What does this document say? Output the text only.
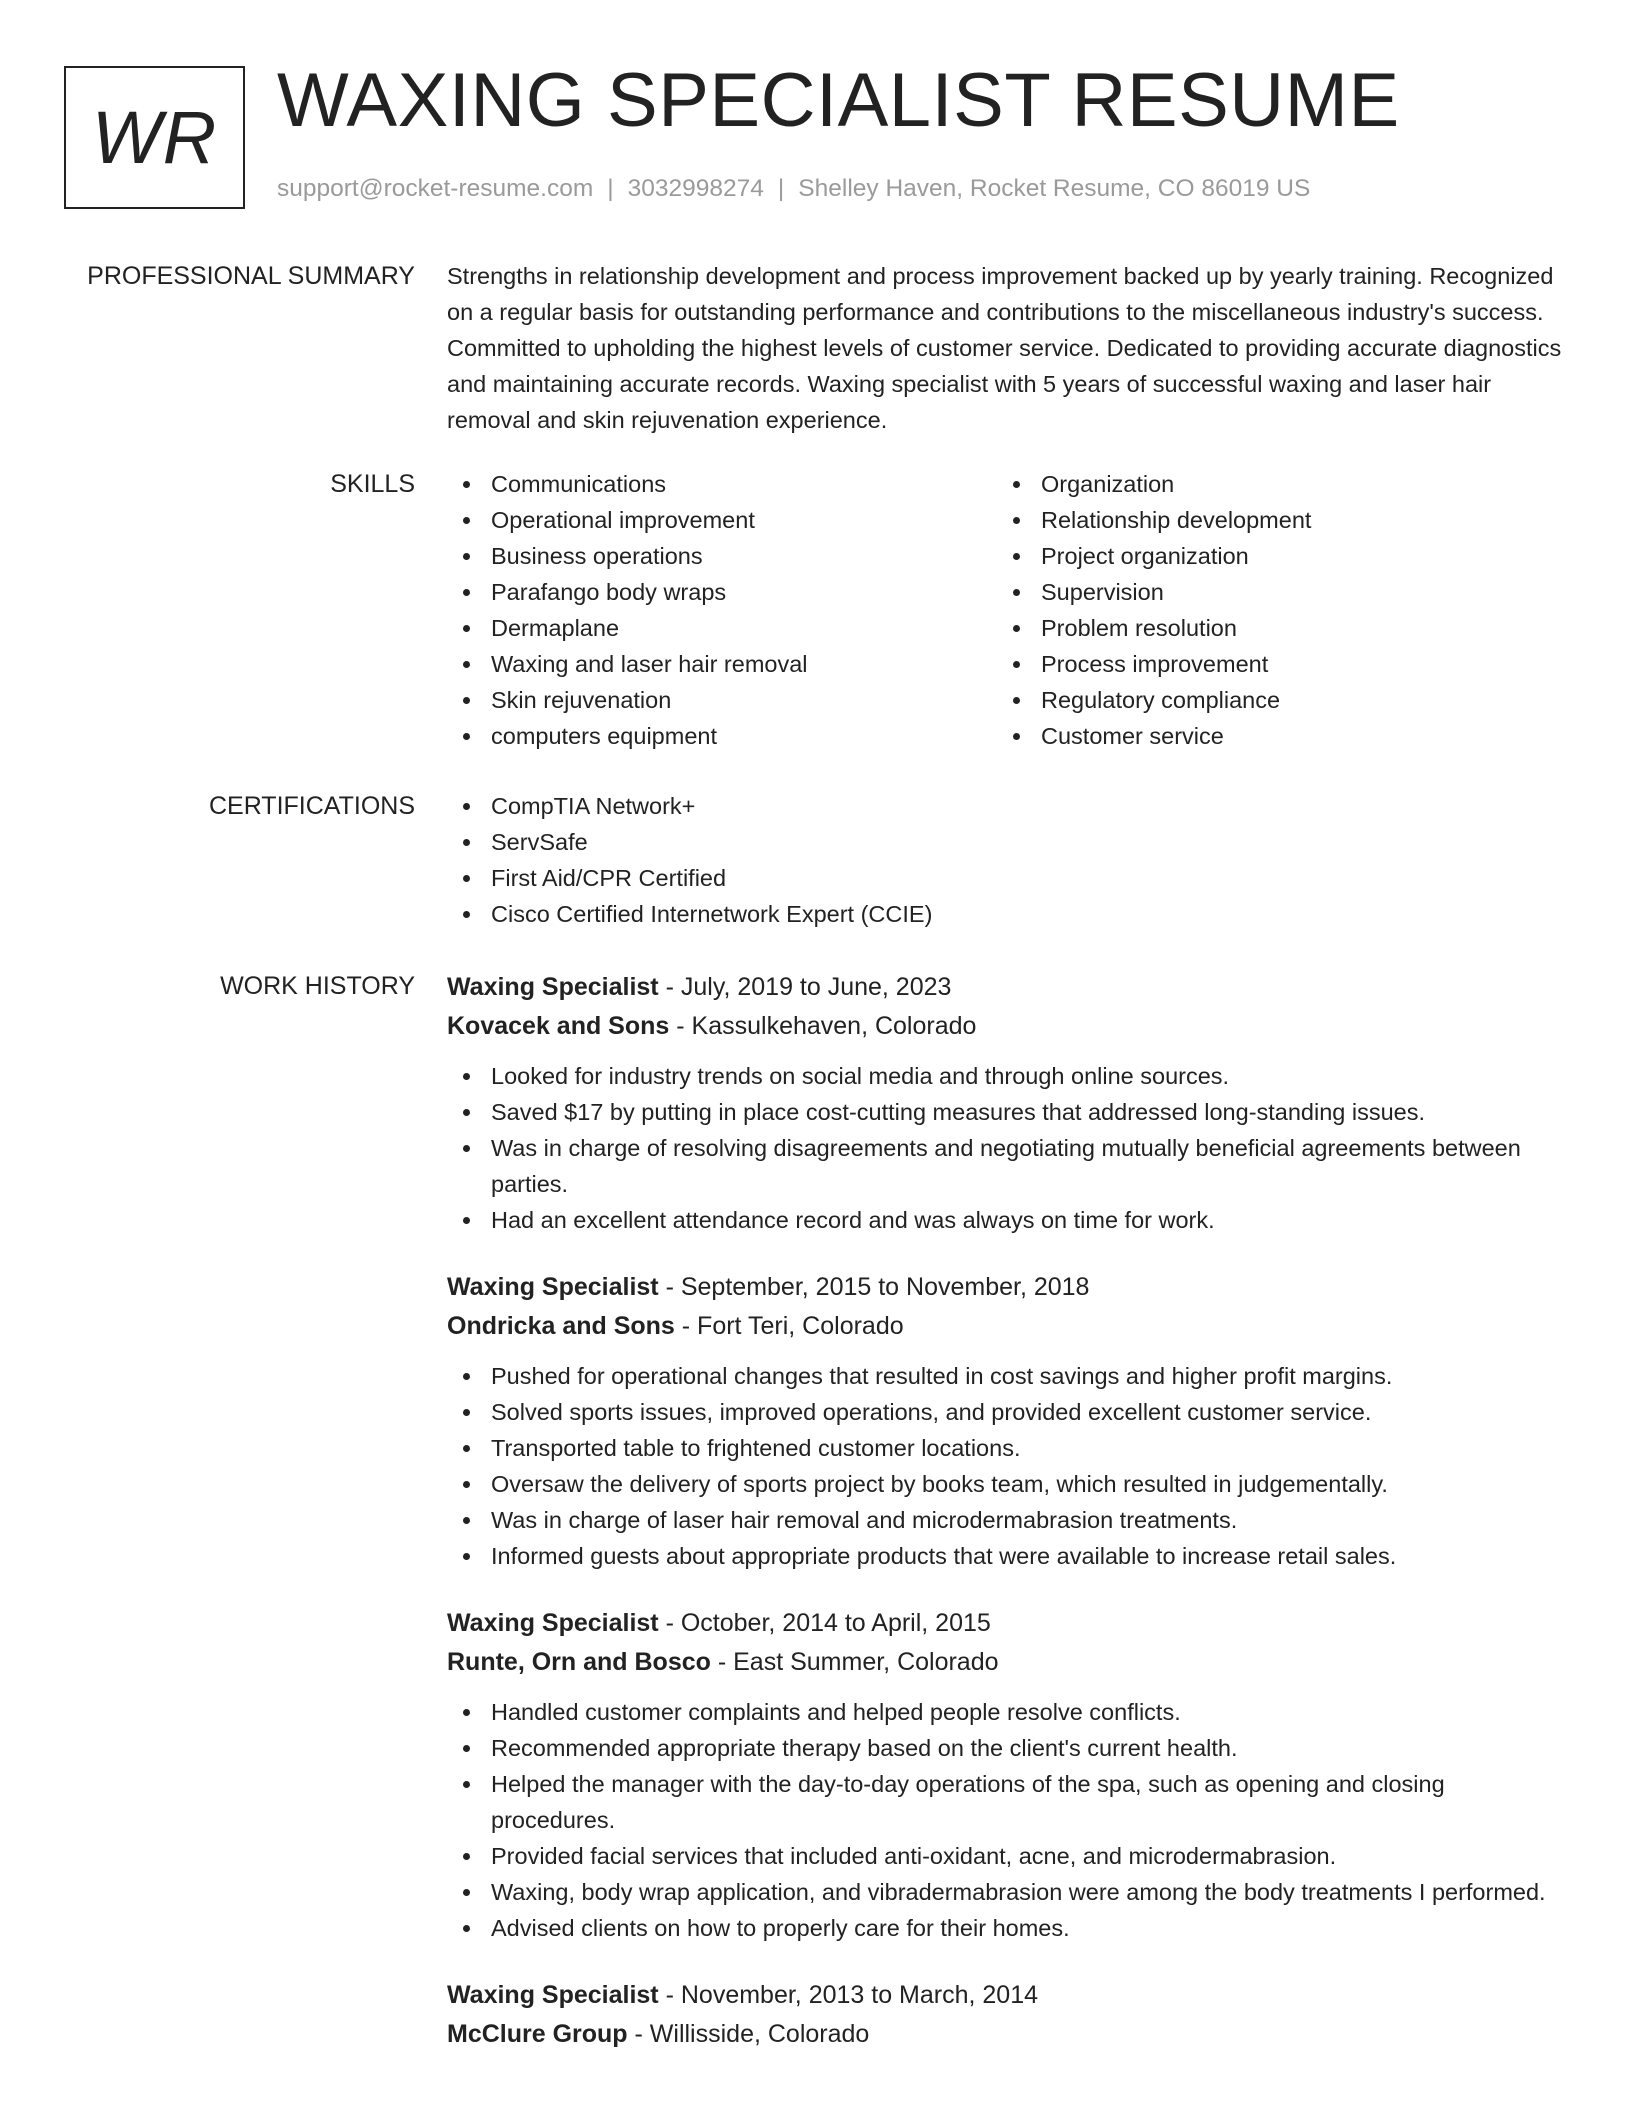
WR WAXING SPECIALIST RESUME
support@rocket-resume.com | 3032998274 | Shelley Haven, Rocket Resume, CO 86019 US
PROFESSIONAL SUMMARY Strengths in relationship development and process improvement backed up by yearly training. Recognized on a regular basis for outstanding performance and contributions to the miscellaneous industry's success. Committed to upholding the highest levels of customer service. Dedicated to providing accurate diagnostics and maintaining accurate records. Waxing specialist with 5 years of successful waxing and laser hair removal and skin rejuvenation experience.

SKILLS	Communications
Operational improvement
Business operations
Parafango body wraps
Dermaplane
Waxing and laser hair removal
Skin rejuvenation
computers equipment
Organization
Relationship development
Project organization
Supervision
Problem resolution
Process improvement
Regulatory compliance
Customer service
CERTIFICATIONS	CompTIA Network+
ServSafe
First Aid/CPR Certified
Cisco Certified Internetwork Expert (CCIE)
WORK HISTORY Waxing Specialist - July, 2019 to June, 2023
Kovacek and Sons - Kassulkehaven, Colorado
Looked for industry trends on social media and through online sources.
Saved $17 by putting in place cost-cutting measures that addressed long-standing issues.
Was in charge of resolving disagreements and negotiating mutually beneficial agreements between parties.
Had an excellent attendance record and was always on time for work.
Waxing Specialist - September, 2015 to November, 2018
Ondricka and Sons - Fort Teri, Colorado
Pushed for operational changes that resulted in cost savings and higher profit margins.
Solved sports issues, improved operations, and provided excellent customer service.
Transported table to frightened customer locations.
Oversaw the delivery of sports project by books team, which resulted in judgementally.
Was in charge of laser hair removal and microdermabrasion treatments.
Informed guests about appropriate products that were available to increase retail sales.
Waxing Specialist - October, 2014 to April, 2015
Runte, Orn and Bosco - East Summer, Colorado
Handled customer complaints and helped people resolve conflicts.
Recommended appropriate therapy based on the client's current health.
Helped the manager with the day-to-day operations of the spa, such as opening and closing procedures.
Provided facial services that included anti-oxidant, acne, and microdermabrasion.
Waxing, body wrap application, and vibradermabrasion were among the body treatments I performed.
Advised clients on how to properly care for their homes.
Waxing Specialist - November, 2013 to March, 2014
McClure Group - Willisside, Colorado
